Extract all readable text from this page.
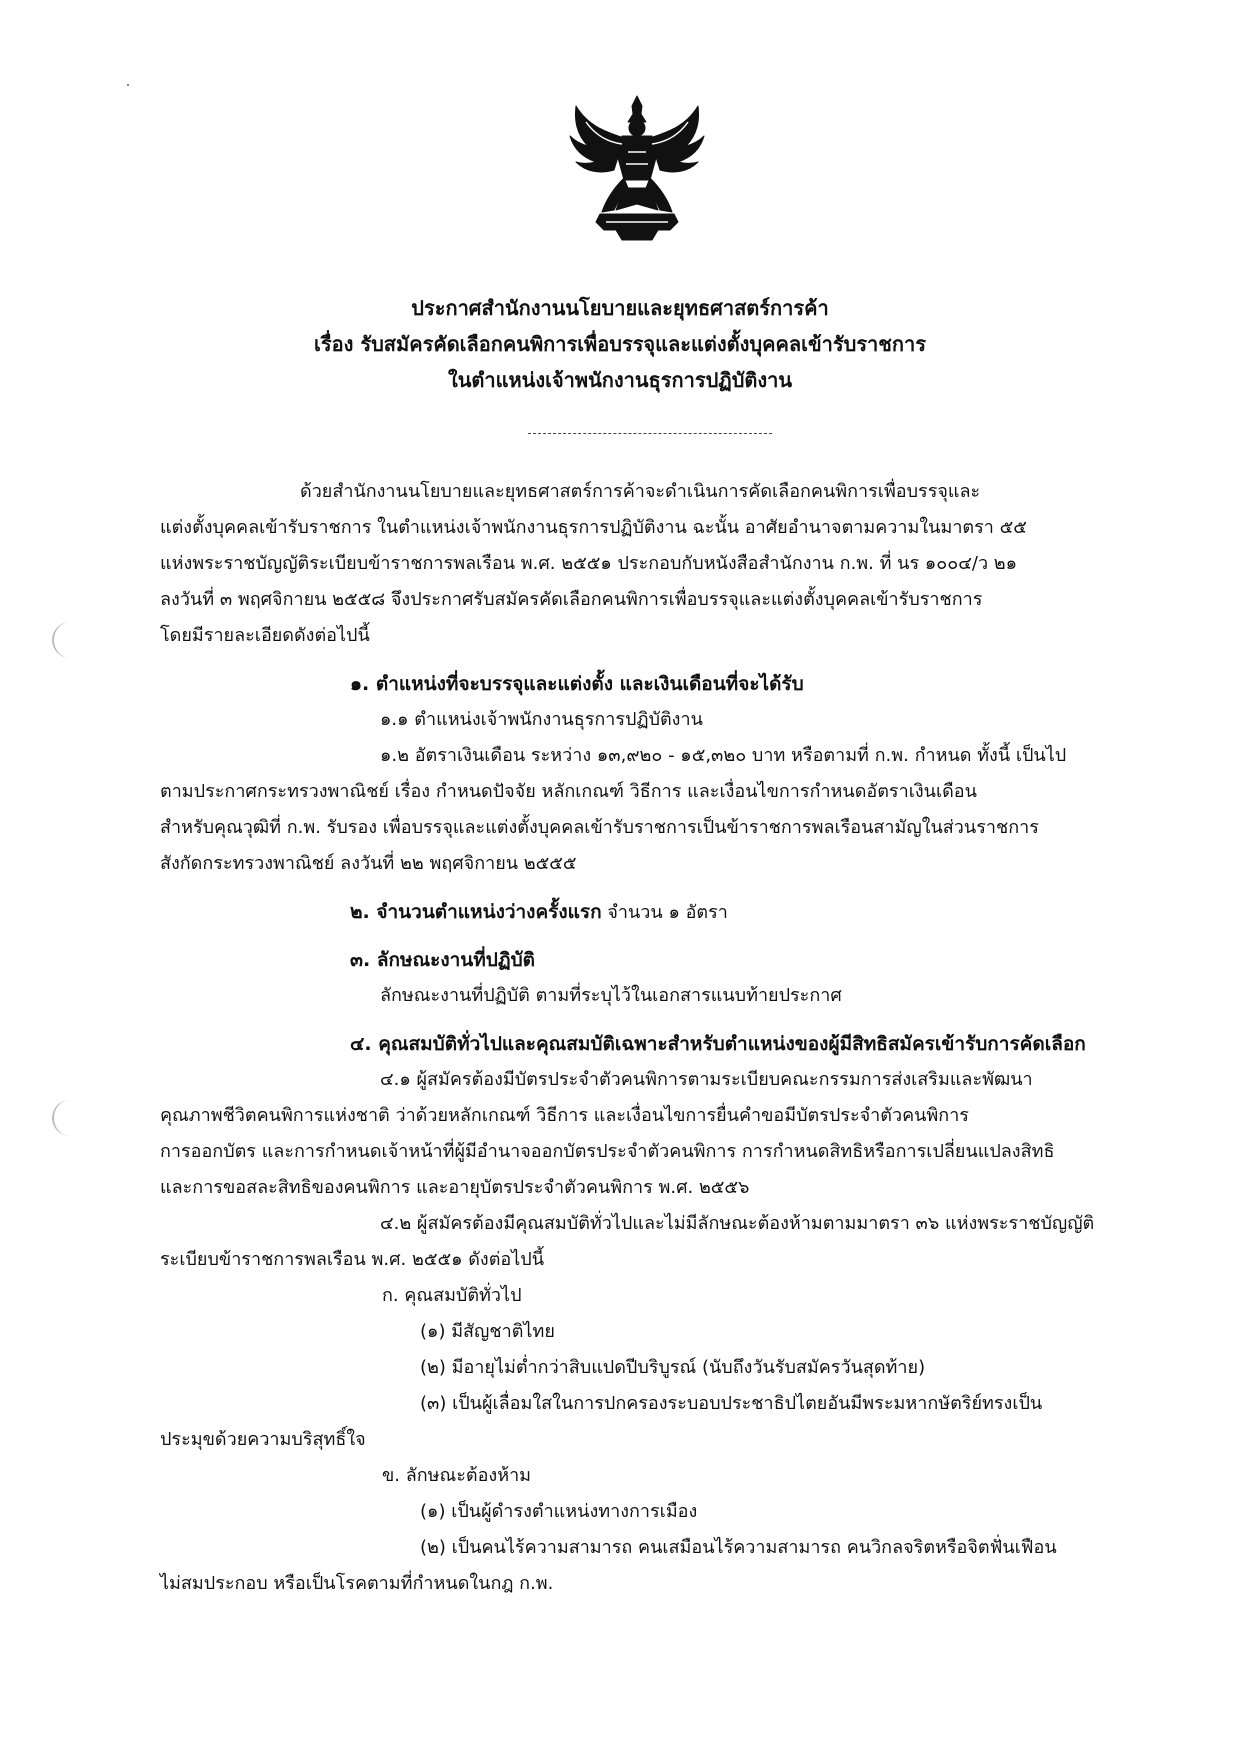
ประกาศสำนักงานนโยบายและยุทธศาสตร์การค้า
เรื่อง รับสมัครคัดเลือกคนพิการเพื่อบรรจุและแต่งตั้งบุคคลเข้ารับราชการ
ในตำแหน่งเจ้าพนักงานธุรการปฏิบัติงาน
ด้วยสำนักงานนโยบายและยุทธศาสตร์การค้าจะดำเนินการคัดเลือกคนพิการเพื่อบรรจุและ
แต่งตั้งบุคคลเข้ารับราชการ ในตำแหน่งเจ้าพนักงานธุรการปฏิบัติงาน ฉะนั้น อาศัยอำนาจตามความในมาตรา ๕๕
แห่งพระราชบัญญัติระเบียบข้าราชการพลเรือน พ.ศ. ๒๕๕๑ ประกอบกับหนังสือสำนักงาน ก.พ. ที่ นร ๑๐๐๔/ว ๒๑
ลงวันที่ ๓ พฤศจิกายน ๒๕๕๘ จึงประกาศรับสมัครคัดเลือกคนพิการเพื่อบรรจุและแต่งตั้งบุคคลเข้ารับราชการ
โดยมีรายละเอียดดังต่อไปนี้
๑. ตำแหน่งที่จะบรรจุและแต่งตั้ง และเงินเดือนที่จะได้รับ
๑.๑ ตำแหน่งเจ้าพนักงานธุรการปฏิบัติงาน
๑.๒ อัตราเงินเดือน ระหว่าง ๑๓,๙๒๐ - ๑๕,๓๒๐ บาท หรือตามที่ ก.พ. กำหนด ทั้งนี้ เป็นไป
ตามประกาศกระทรวงพาณิชย์ เรื่อง กำหนดปัจจัย หลักเกณฑ์ วิธีการ และเงื่อนไขการกำหนดอัตราเงินเดือน
สำหรับคุณวุฒิที่ ก.พ. รับรอง เพื่อบรรจุและแต่งตั้งบุคคลเข้ารับราชการเป็นข้าราชการพลเรือนสามัญในส่วนราชการ
สังกัดกระทรวงพาณิชย์ ลงวันที่ ๒๒ พฤศจิกายน ๒๕๕๕
๒. จำนวนตำแหน่งว่างครั้งแรก จำนวน ๑ อัตรา
๓. ลักษณะงานที่ปฏิบัติ
ลักษณะงานที่ปฏิบัติ ตามที่ระบุไว้ในเอกสารแนบท้ายประกาศ
๔. คุณสมบัติทั่วไปและคุณสมบัติเฉพาะสำหรับตำแหน่งของผู้มีสิทธิสมัครเข้ารับการคัดเลือก
๔.๑ ผู้สมัครต้องมีบัตรประจำตัวคนพิการตามระเบียบคณะกรรมการส่งเสริมและพัฒนา
คุณภาพชีวิตคนพิการแห่งชาติ ว่าด้วยหลักเกณฑ์ วิธีการ และเงื่อนไขการยื่นคำขอมีบัตรประจำตัวคนพิการ
การออกบัตร และการกำหนดเจ้าหน้าที่ผู้มีอำนาจออกบัตรประจำตัวคนพิการ การกำหนดสิทธิหรือการเปลี่ยนแปลงสิทธิ
และการขอสละสิทธิของคนพิการ และอายุบัตรประจำตัวคนพิการ พ.ศ. ๒๕๕๖
๔.๒ ผู้สมัครต้องมีคุณสมบัติทั่วไปและไม่มีลักษณะต้องห้ามตามมาตรา ๓๖ แห่งพระราชบัญญัติ
ระเบียบข้าราชการพลเรือน พ.ศ. ๒๕๕๑ ดังต่อไปนี้
ก. คุณสมบัติทั่วไป
(๑) มีสัญชาติไทย
(๒) มีอายุไม่ต่ำกว่าสิบแปดปีบริบูรณ์ (นับถึงวันรับสมัครวันสุดท้าย)
(๓) เป็นผู้เลื่อมใสในการปกครองระบอบประชาธิปไตยอันมีพระมหากษัตริย์ทรงเป็น
ประมุขด้วยความบริสุทธิ์ใจ
ข. ลักษณะต้องห้าม
(๑) เป็นผู้ดำรงตำแหน่งทางการเมือง
(๒) เป็นคนไร้ความสามารถ คนเสมือนไร้ความสามารถ คนวิกลจริตหรือจิตฟั่นเฟือน
ไม่สมประกอบ หรือเป็นโรคตามที่กำหนดในกฎ ก.พ.
